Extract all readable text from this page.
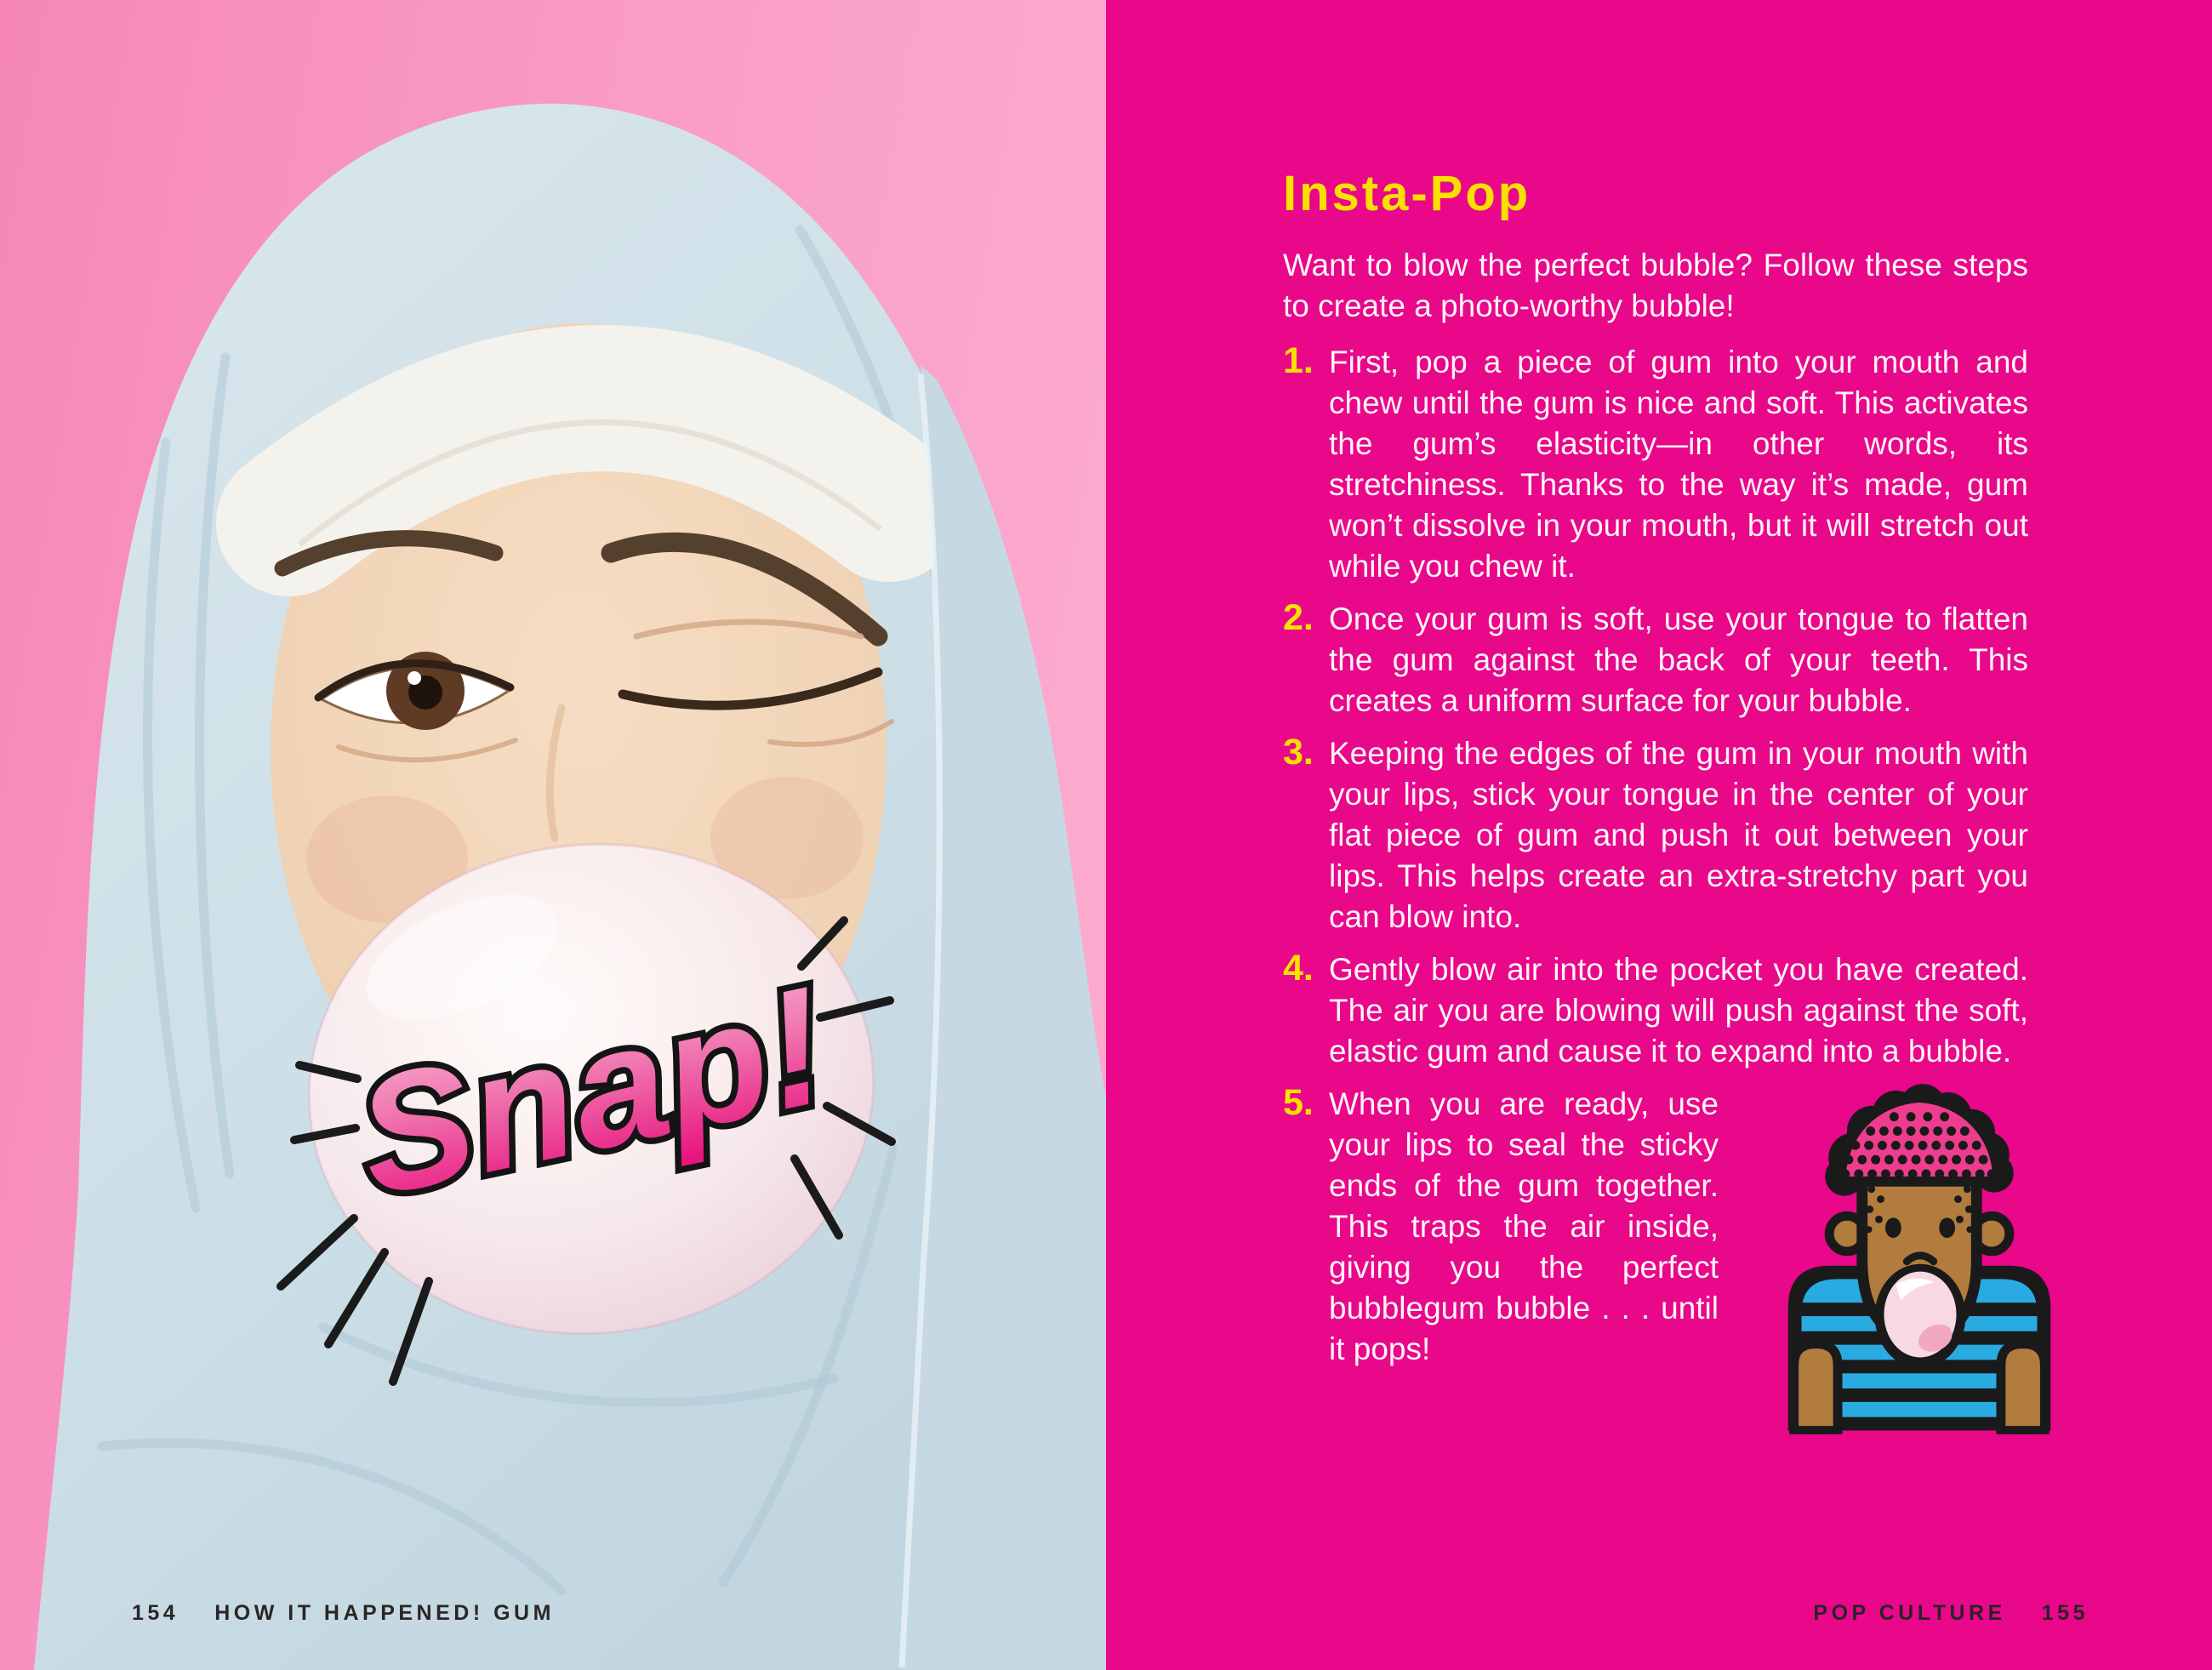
Snap!
154 HOW IT HAPPENED! GUM
Insta-Pop

Want to blow the perfect bubble? Follow these steps to create a photo-worthy bubble!

1. First, pop a piece of gum into your mouth and chew until the gum is nice and soft. This activates the gum’s elasticity—in other words, its stretchiness. Thanks to the way it’s made, gum won’t dissolve in your mouth, but it will stretch out while you chew it.
2. Once your gum is soft, use your tongue to flatten the gum against the back of your teeth. This creates a uniform surface for your bubble.
3. Keeping the edges of the gum in your mouth with your lips, stick your tongue in the center of your flat piece of gum and push it out between your lips. This helps create an extra-stretchy part you can blow into.
4. Gently blow air into the pocket you have created. The air you are blowing will push against the soft, elastic gum and cause it to expand into a bubble.
5. When you are ready, use your lips to seal the sticky ends of the gum together. This traps the air inside, giving you the perfect bubblegum bubble . . . until it pops!
POP CULTURE 155
